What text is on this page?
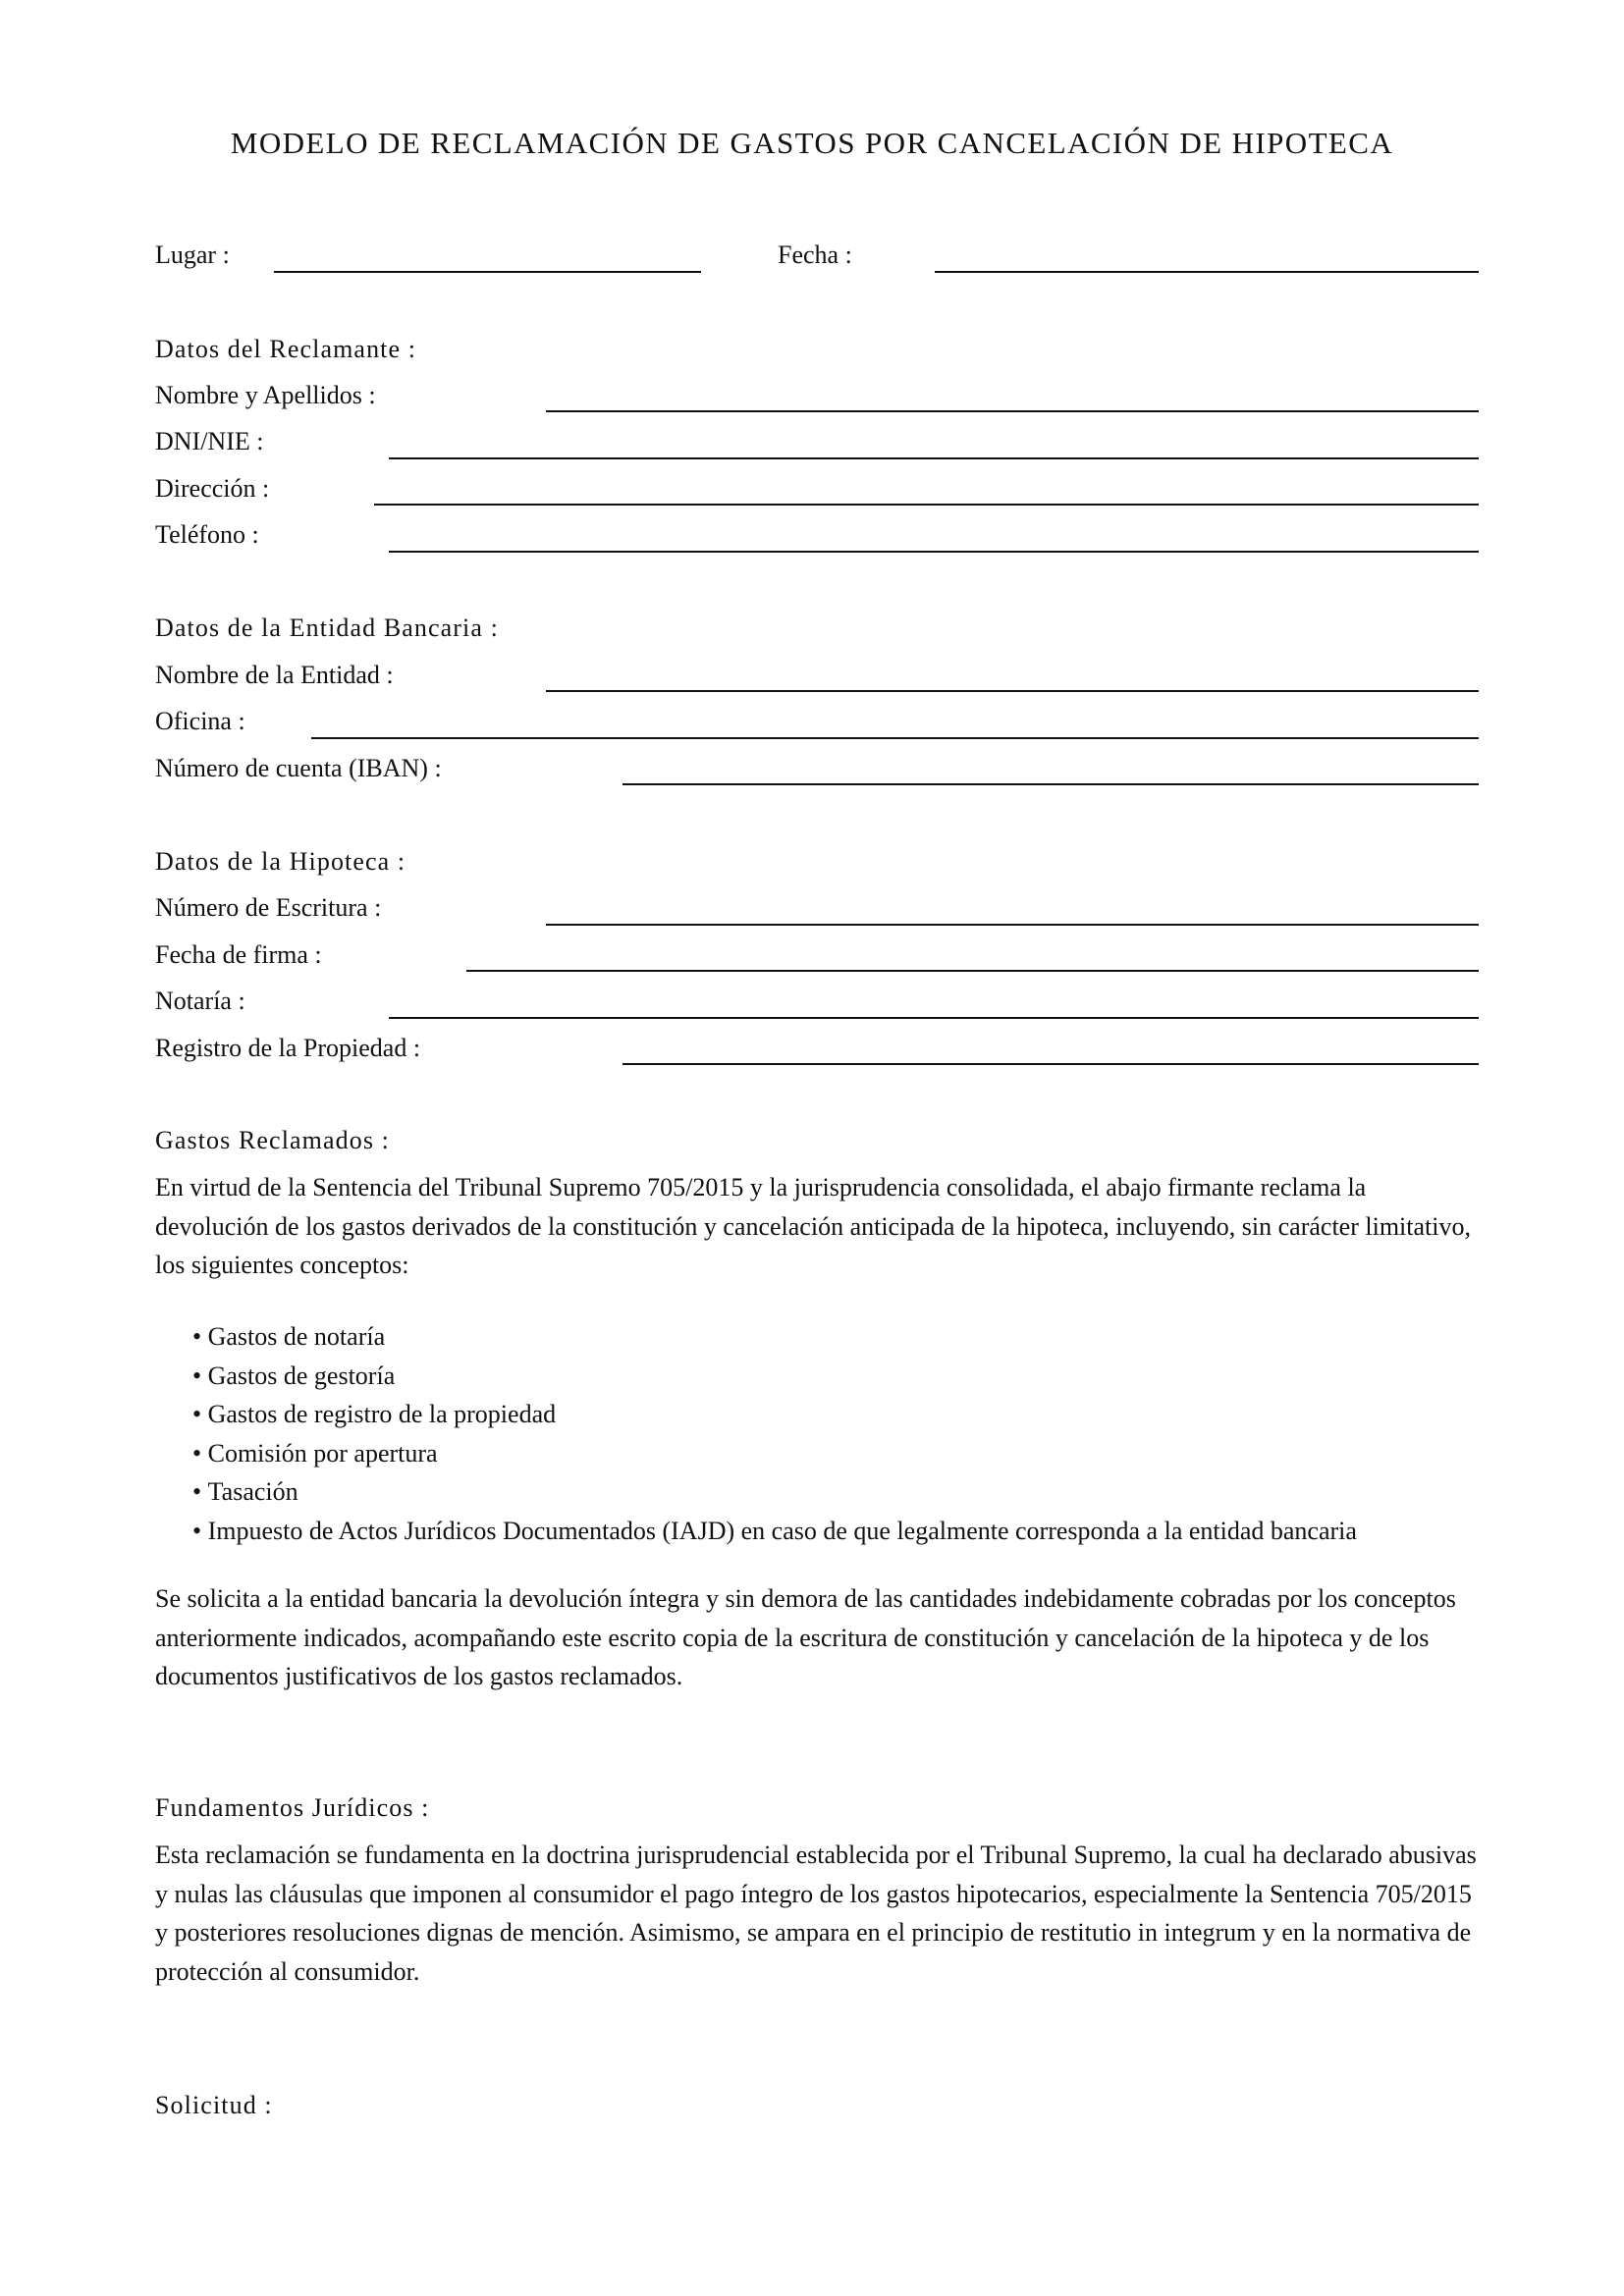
MODELO DE RECLAMACIÓN DE GASTOS POR CANCELACIÓN DE HIPOTECA
Lugar :	Fecha :
Datos del Reclamante :
Nombre y Apellidos :
DNI/NIE :
Dirección :
Teléfono :
Datos de la Entidad Bancaria :
Nombre de la Entidad :
Oficina :
Número de cuenta (IBAN) :
Datos de la Hipoteca :
Número de Escritura :
Fecha de firma :
Notaría :
Registro de la Propiedad :
Gastos Reclamados :
En virtud de la Sentencia del Tribunal Supremo 705/2015 y la jurisprudencia consolidada, el abajo firmante reclama la devolución de los gastos derivados de la constitución y cancelación anticipada de la hipoteca, incluyendo, sin carácter limitativo, los siguientes conceptos:
• Gastos de notaría
• Gastos de gestoría
• Gastos de registro de la propiedad
• Comisión por apertura
• Tasación
• Impuesto de Actos Jurídicos Documentados (IAJD) en caso de que legalmente corresponda a la entidad bancaria
Se solicita a la entidad bancaria la devolución íntegra y sin demora de las cantidades indebidamente cobradas por los conceptos anteriormente indicados, acompañando este escrito copia de la escritura de constitución y cancelación de la hipoteca y de los documentos justificativos de los gastos reclamados.
Fundamentos Jurídicos :
Esta reclamación se fundamenta en la doctrina jurisprudencial establecida por el Tribunal Supremo, la cual ha declarado abusivas y nulas las cláusulas que imponen al consumidor el pago íntegro de los gastos hipotecarios, especialmente la Sentencia 705/2015 y posteriores resoluciones dignas de mención. Asimismo, se ampara en el principio de restitutio in integrum y en la normativa de protección al consumidor.
Solicitud :
